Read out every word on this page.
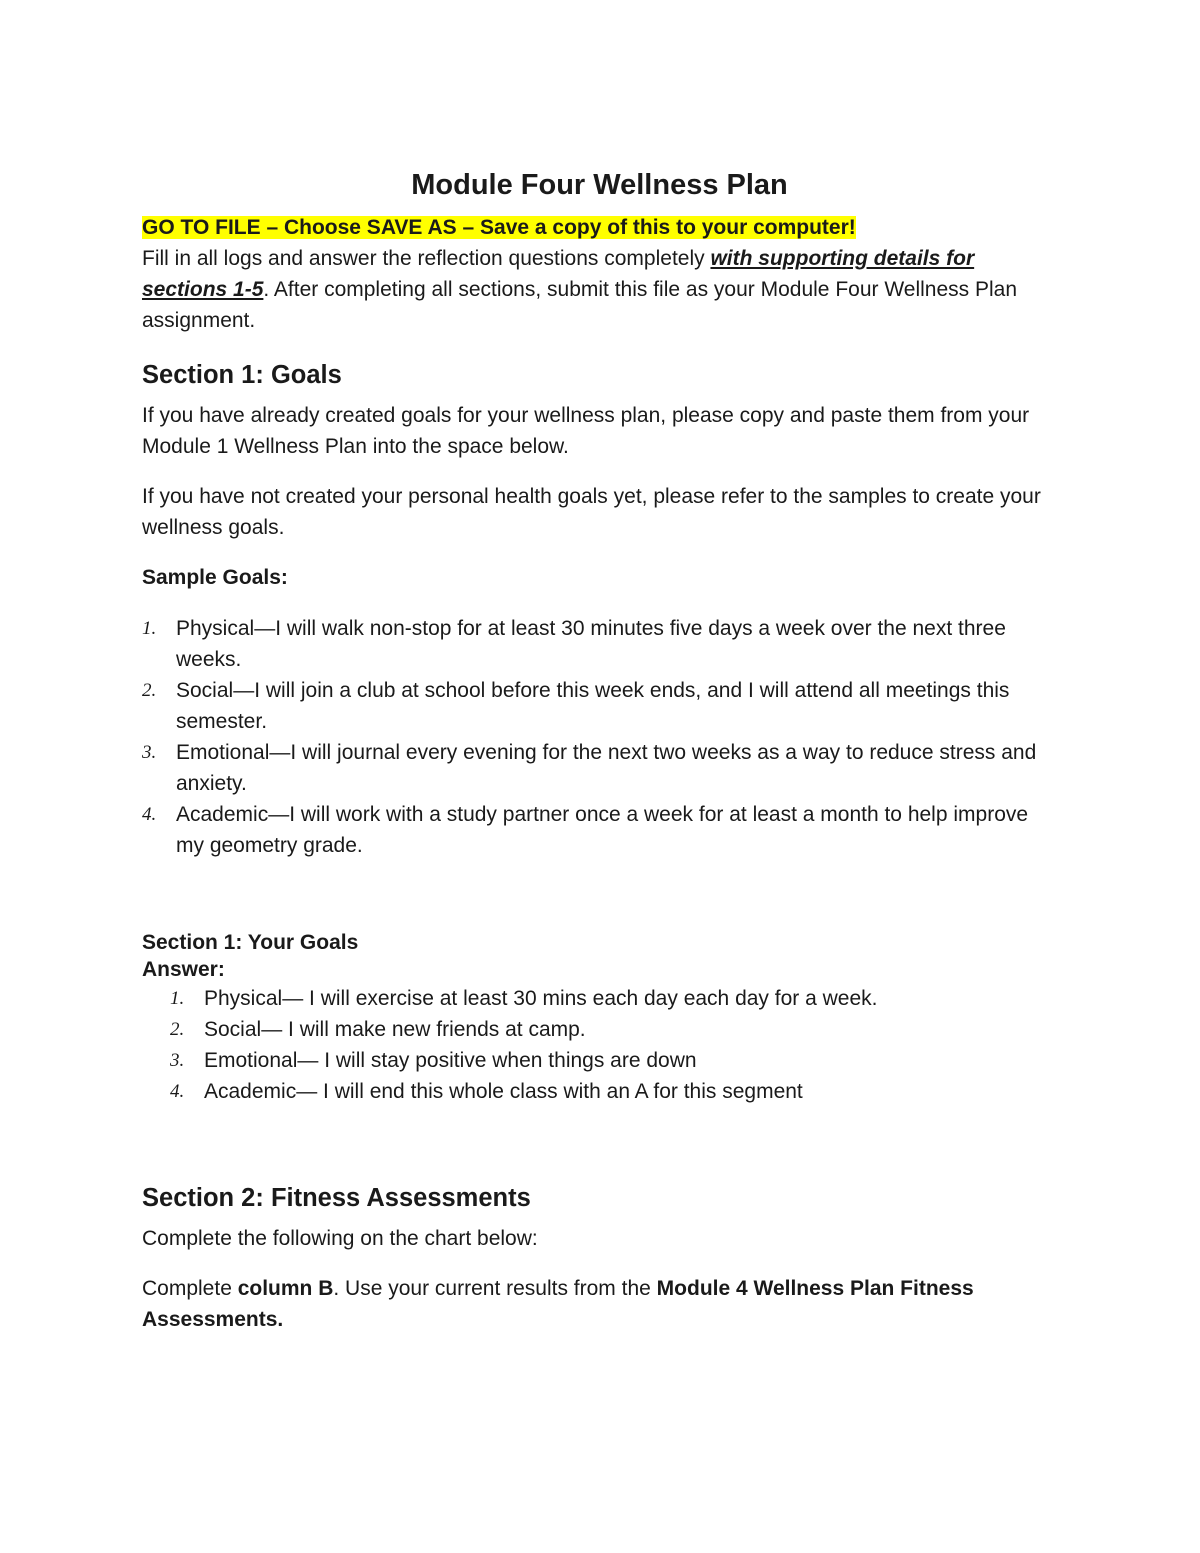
Module Four Wellness Plan

GO TO FILE – Choose SAVE AS – Save a copy of this to your computer!

Fill in all logs and answer the reflection questions completely with supporting details for sections 1-5. After completing all sections, submit this file as your Module Four Wellness Plan assignment.

Section 1: Goals

If you have already created goals for your wellness plan, please copy and paste them from your Module 1 Wellness Plan into the space below.

If you have not created your personal health goals yet, please refer to the samples to create your wellness goals.

Sample Goals:
1. Physical—I will walk non-stop for at least 30 minutes five days a week over the next three weeks.
2. Social—I will join a club at school before this week ends, and I will attend all meetings this semester.
3. Emotional—I will journal every evening for the next two weeks as a way to reduce stress and anxiety.
4. Academic—I will work with a study partner once a week for at least a month to help improve my geometry grade.
Section 1: Your Goals
Answer:
1. Physical— I will exercise at least 30 mins each day each day for a week.
2. Social— I will make new friends at camp.
3. Emotional— I will stay positive when things are down
4. Academic— I will end this whole class with an A for this segment
Section 2: Fitness Assessments

Complete the following on the chart below:

Complete column B. Use your current results from the Module 4 Wellness Plan Fitness Assessments.
